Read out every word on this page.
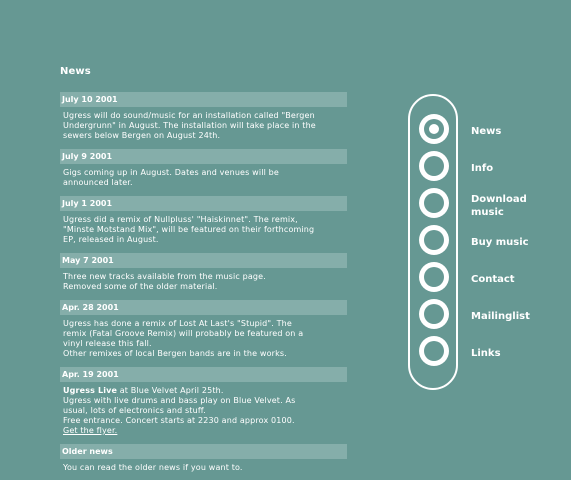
News
July 10 2001
Ugress will do sound/music for an installation called "Bergen
Undergrunn" in August. The installation will take place in the
sewers below Bergen on August 24th.
July 9 2001
Gigs coming up in August. Dates and venues will be
announced later.
July 1 2001
Ugress did a remix of Nullpluss' "Haiskinnet". The remix,
"Minste Motstand Mix", will be featured on their forthcoming
EP, released in August.
May 7 2001
Three new tracks available from the music page.
Removed some of the older material.
Apr. 28 2001
Ugress has done a remix of Lost At Last's "Stupid". The
remix (Fatal Groove Remix) will probably be featured on a
vinyl release this fall.
Other remixes of local Bergen bands are in the works.
Apr. 19 2001
Ugress Live at Blue Velvet April 25th.
Ugress with live drums and bass play on Blue Velvet. As
usual, lots of electronics and stuff.
Free entrance. Concert starts at 2230 and approx 0100.
Get the flyer.
Older news
You can read the older news if you want to.
News
Info
Download music
Buy music
Contact
Mailinglist
Links
